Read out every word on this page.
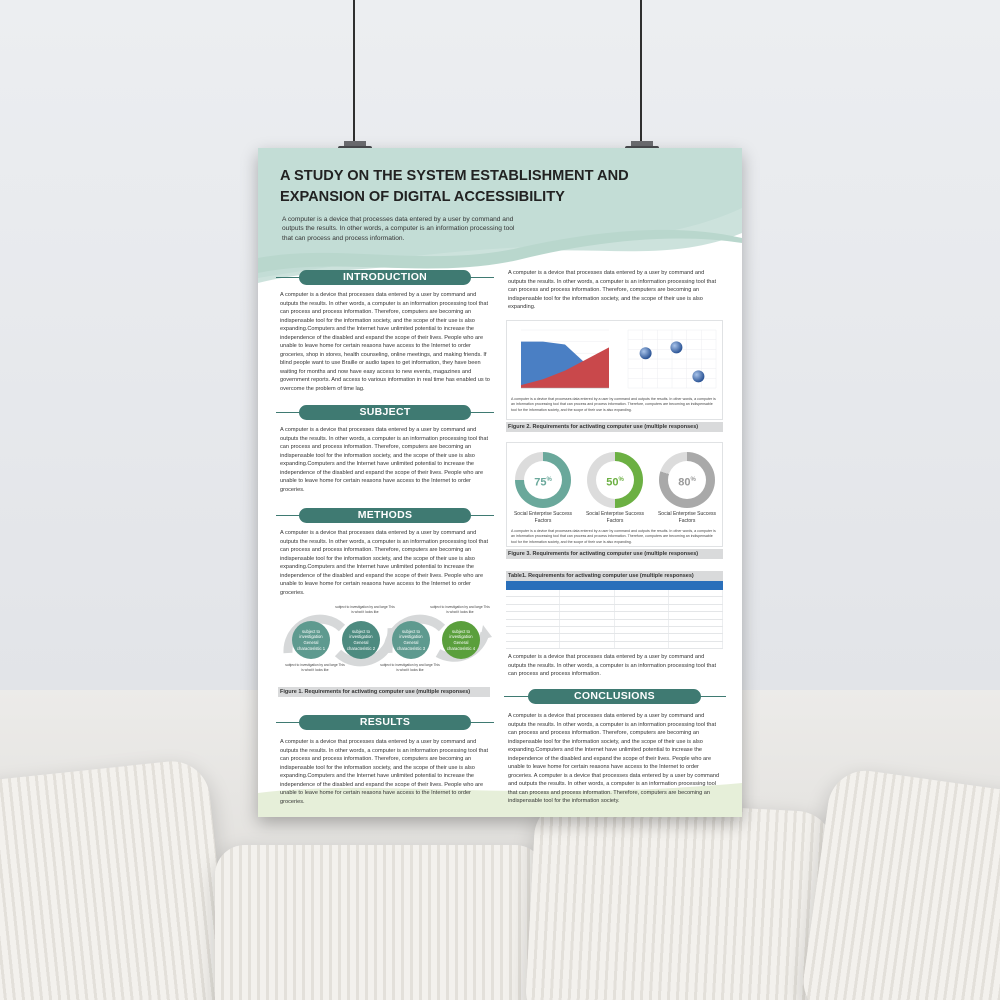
A STUDY ON THE SYSTEM ESTABLISHMENT AND
EXPANSION OF DIGITAL ACCESSIBILITY
A computer is a device that processes data entered by a user by command and outputs the results. In other words, a computer is an information processing tool that can process and process information.
INTRODUCTION
A computer is a device that processes data entered by a user by command and outputs the results. In other words, a computer is an information processing tool that can process and process information. Therefore, computers are becoming an indispensable tool for the information society, and the scope of their use is also expanding.Computers and the Internet have unlimited potential to increase the independence of the disabled and expand the scope of their lives. People who are unable to leave home for certain reasons have access to the Internet to order groceries, shop in stores, health counseling, online meetings, and making friends. If blind people want to use Braille or audio tapes to get information, they have been waiting for months and now have easy access to new events, magazines and government reports. And access to various information in real time has enabled us to overcome the problem of time lag.
SUBJECT
A computer is a device that processes data entered by a user by command and outputs the results. In other words, a computer is an information processing tool that can process and process information. Therefore, computers are becoming an indispensable tool for the information society, and the scope of their use is also expanding.Computers and the Internet have unlimited potential to increase the independence of the disabled and expand the scope of their lives. People who are unable to leave home for certain reasons have access to the Internet to order groceries.
METHODS
A computer is a device that processes data entered by a user by command and outputs the results. In other words, a computer is an information processing tool that can process and process information. Therefore, computers are becoming an indispensable tool for the information society, and the scope of their use is also expanding.Computers and the Internet have unlimited potential to increase the independence of the disabled and expand the scope of their lives. People who are unable to leave home for certain reasons have access to the Internet to order groceries.
subject to investigation General characteristic 1
subject to investigation General characteristic 2
subject to investigation General characteristic 3
subject to investigation General characteristic 4
subject to investigation by and large This is what it looks like
subject to investigation by and large This is what it looks like
subject to investigation by and large This is what it looks like
subject to investigation by and large This is what it looks like
Figure 1. Requirements for activating computer use (multiple responses)
RESULTS
A computer is a device that processes data entered by a user by command and outputs the results. In other words, a computer is an information processing tool that can process and process information. Therefore, computers are becoming an indispensable tool for the information society, and the scope of their use is also expanding.Computers and the Internet have unlimited potential to increase the independence of the disabled and expand the scope of their lives. People who are unable to leave home for certain reasons have access to the Internet to order groceries.
A computer is a device that processes data entered by a user by command and outputs the results. In other words, a computer is an information processing tool that can process and process information. Therefore, computers are becoming an indispensable tool for the information society, and the scope of their use is also expanding.
A computer is a device that processes data entered by a user by command and outputs the results. In other words, a computer is an information processing tool that can process and process information. Therefore, computers are becoming an indispensable tool for the information society, and the scope of their use is also expanding.
Figure 2. Requirements for activating computer use (multiple responses)
75%	50%	80%
Social Enterprise Success Factors
Social Enterprise Success Factors
Social Enterprise Success Factors
A computer is a device that processes data entered by a user by command and outputs the results. In other words, a computer is an information processing tool that can process and process information. Therefore, computers are becoming an indispensable tool for the information society, and the scope of their use is also expanding.
Figure 3. Requirements for activating computer use (multiple responses)
Table1. Requirements for activating computer use (multiple responses)
A computer is a device that processes data entered by a user by command and outputs the results. In other words, a computer is an information processing tool that can process and process information.
CONCLUSIONS
A computer is a device that processes data entered by a user by command and outputs the results. In other words, a computer is an information processing tool that can process and process information. Therefore, computers are becoming an indispensable tool for the information society, and the scope of their use is also expanding.Computers and the Internet have unlimited potential to increase the independence of the disabled and expand the scope of their lives. People who are unable to leave home for certain reasons have access to the Internet to order groceries. A computer is a device that processes data entered by a user by command and outputs the results. In other words, a computer is an information processing tool that can process and process information. Therefore, computers are becoming an indispensable tool for the information society.
